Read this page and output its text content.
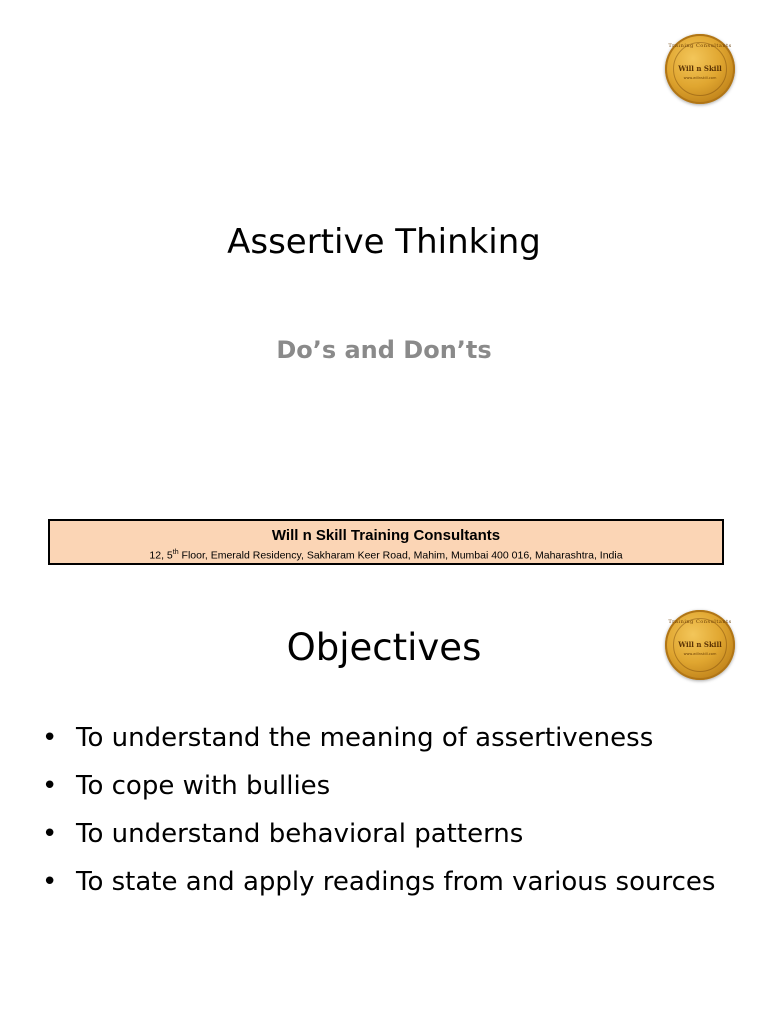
Training Consultants
Will n Skill
www.willnskill.com
Assertive Thinking
Do’s and Don’ts
Will n Skill Training Consultants
12, 5th Floor, Emerald Residency, Sakharam Keer Road, Mahim, Mumbai 400 016, Maharashtra, India
Training Consultants
Will n Skill
www.willnskill.com
Objectives
• To understand the meaning of assertiveness
• To cope with bullies
• To understand behavioral patterns
• To state and apply readings from various sources
